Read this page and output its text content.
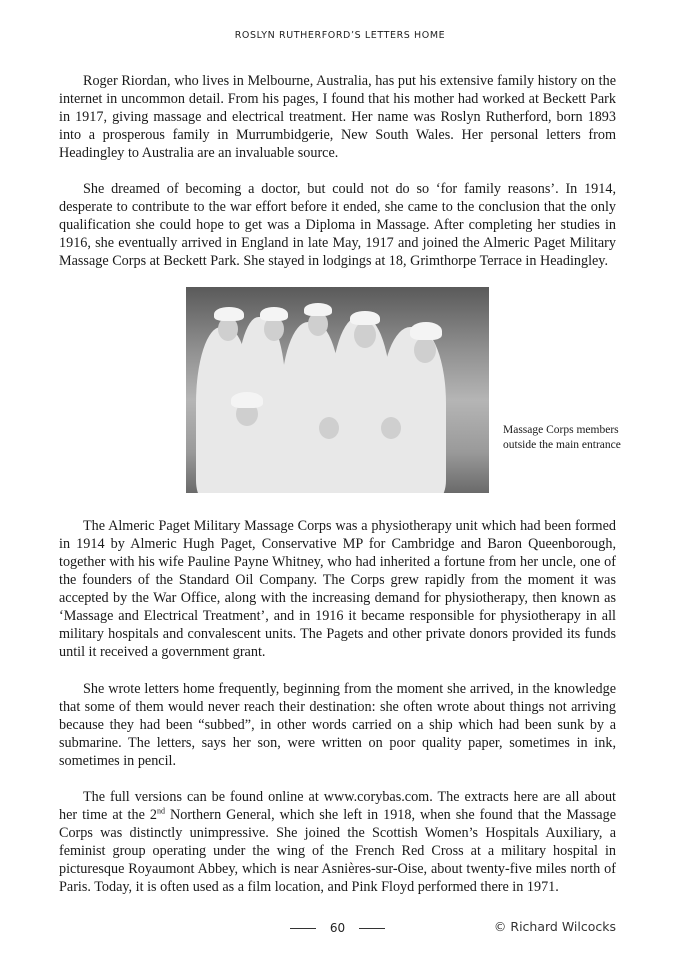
ROSLYN RUTHERFORD’S LETTERS HOME

Roger Riordan, who lives in Melbourne, Australia, has put his extensive family history on the internet in uncommon detail. From his pages, I found that his mother had worked at Beckett Park in 1917, giving massage and electrical treatment. Her name was Roslyn Rutherford, born 1893 into a prosperous family in Murrumbidgerie, New South Wales. Her personal letters from Headingley to Australia are an invaluable source.

She dreamed of becoming a doctor, but could not do so ‘for family reasons’. In 1914, desperate to contribute to the war effort before it ended, she came to the conclusion that the only qualification she could hope to get was a Diploma in Massage. After completing her studies in 1916, she eventually arrived in England in late May, 1917 and joined the Almeric Paget Military Massage Corps at Beckett Park. She stayed in lodgings at 18, Grimthorpe Terrace in Headingley.

Massage Corps members outside the main entrance

The Almeric Paget Military Massage Corps was a physiotherapy unit which had been formed in 1914 by Almeric Hugh Paget, Conservative MP for Cambridge and Baron Queenborough, together with his wife Pauline Payne Whitney, who had inherited a fortune from her uncle, one of the founders of the Standard Oil Company. The Corps grew rapidly from the moment it was accepted by the War Office, along with the increasing demand for physiotherapy, then known as ‘Massage and Electrical Treatment’, and in 1916 it became responsible for physiotherapy in all military hospitals and convalescent units. The Pagets and other private donors provided its funds until it received a government grant.

She wrote letters home frequently, beginning from the moment she arrived, in the knowledge that some of them would never reach their destination: she often wrote about things not arriving because they had been “subbed”, in other words carried on a ship which had been sunk by a submarine. The letters, says her son, were written on poor quality paper, sometimes in ink, sometimes in pencil.

The full versions can be found online at www.corybas.com. The extracts here are all about her time at the 2nd Northern General, which she left in 1918, when she found that the Massage Corps was distinctly unimpressive. She joined the Scottish Women’s Hospitals Auxiliary, a feminist group operating under the wing of the French Red Cross at a military hospital in picturesque Royaumont Abbey, which is near Asnières-sur-Oise, about twenty-five miles north of Paris. Today, it is often used as a film location, and Pink Floyd performed there in 1971.

60	© Richard Wilcocks
